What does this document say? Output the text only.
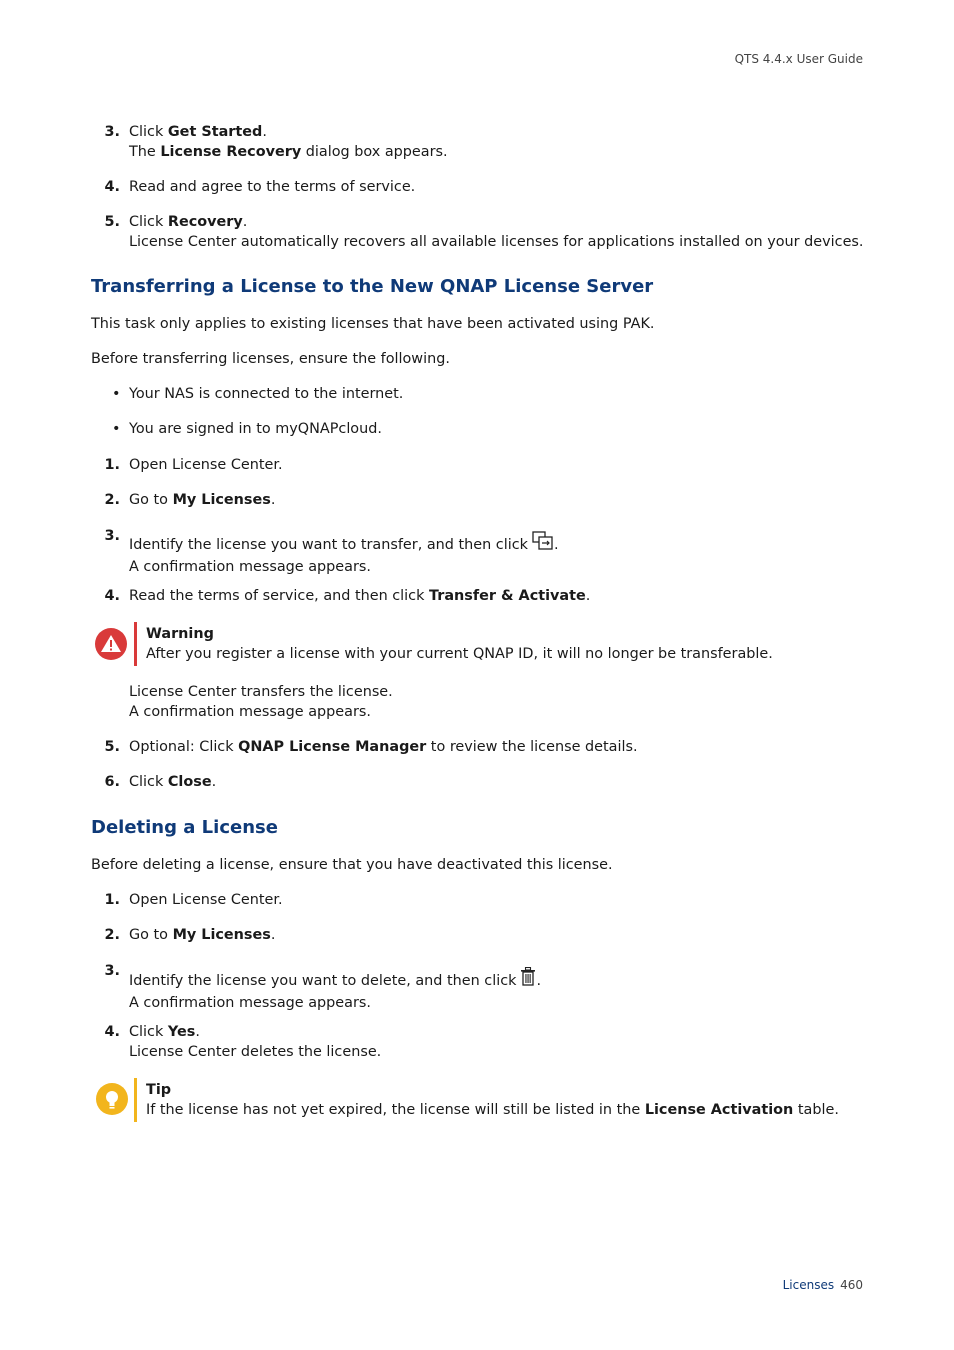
QTS 4.4.x User Guide
3. Click Get Started.
The License Recovery dialog box appears.
4. Read and agree to the terms of service.
5. Click Recovery.
License Center automatically recovers all available licenses for applications installed on your devices.
Transferring a License to the New QNAP License Server
This task only applies to existing licenses that have been activated using PAK.
Before transferring licenses, ensure the following.
• Your NAS is connected to the internet.
• You are signed in to myQNAPcloud.
1. Open License Center.
2. Go to My Licenses.
3.
Identify the license you want to transfer, and then click .
A confirmation message appears.
4. Read the terms of service, and then click Transfer & Activate.
Warning
After you register a license with your current QNAP ID, it will no longer be transferable.
License Center transfers the license.
A confirmation message appears.
5. Optional: Click QNAP License Manager to review the license details.
6. Click Close.
Deleting a License
Before deleting a license, ensure that you have deactivated this license.
1. Open License Center.
2. Go to My Licenses.
3.
Identify the license you want to delete, and then click .
A confirmation message appears.
4. Click Yes.
License Center deletes the license.
Tip
If the license has not yet expired, the license will still be listed in the License Activation table.
Licenses 460
